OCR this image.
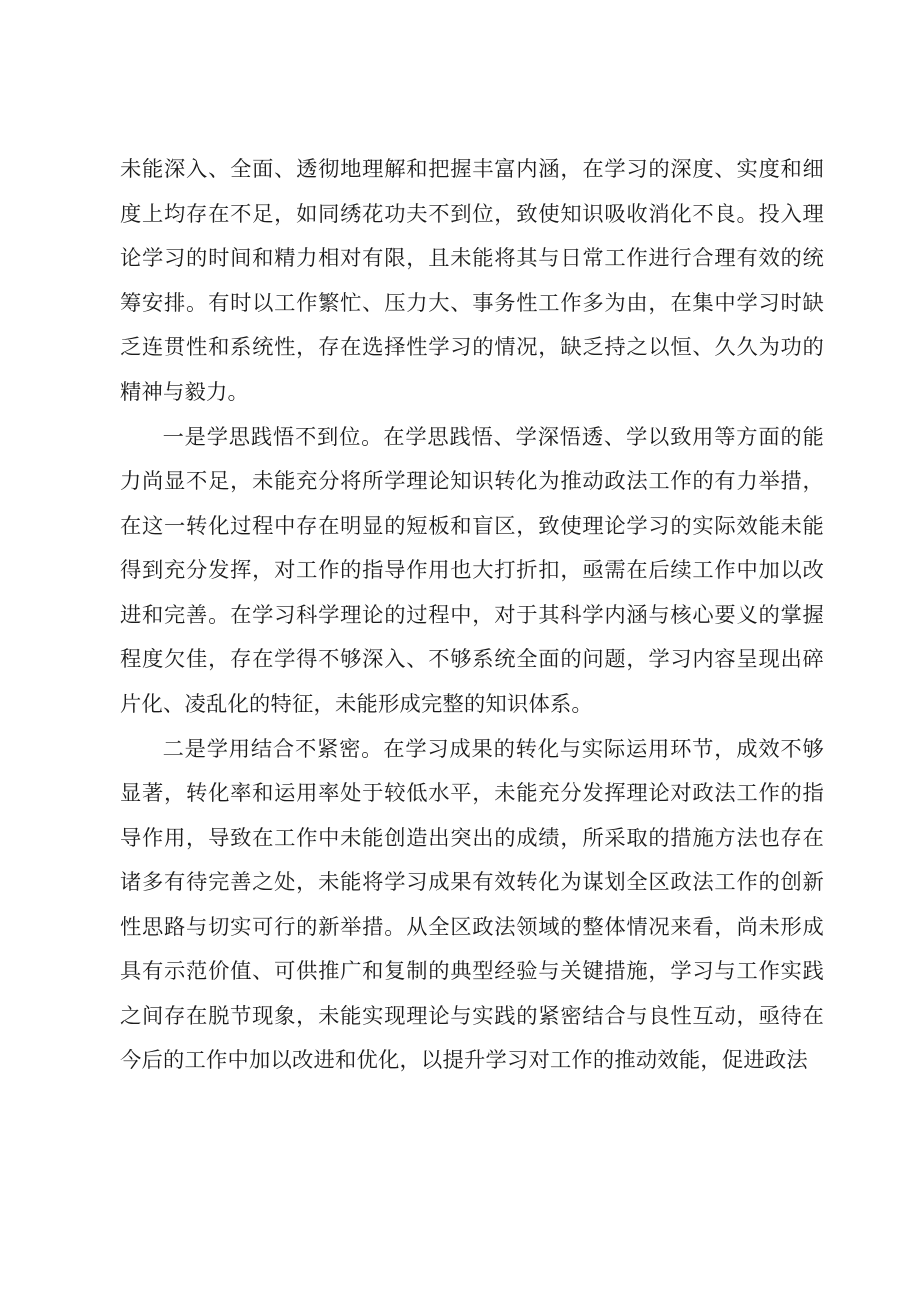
未能深入、全面、透彻地理解和把握丰富内涵，在学习的深度、实度和细度上均存在不足，如同绣花功夫不到位，致使知识吸收消化不良。投入理论学习的时间和精力相对有限，且未能将其与日常工作进行合理有效的统筹安排。有时以工作繁忙、压力大、事务性工作多为由，在集中学习时缺乏连贯性和系统性，存在选择性学习的情况，缺乏持之以恒、久久为功的精神与毅力。

一是学思践悟不到位。在学思践悟、学深悟透、学以致用等方面的能力尚显不足，未能充分将所学理论知识转化为推动政法工作的有力举措，在这一转化过程中存在明显的短板和盲区，致使理论学习的实际效能未能得到充分发挥，对工作的指导作用也大打折扣，亟需在后续工作中加以改进和完善。在学习科学理论的过程中，对于其科学内涵与核心要义的掌握程度欠佳，存在学得不够深入、不够系统全面的问题，学习内容呈现出碎片化、凌乱化的特征，未能形成完整的知识体系。

二是学用结合不紧密。在学习成果的转化与实际运用环节，成效不够显著，转化率和运用率处于较低水平，未能充分发挥理论对政法工作的指导作用，导致在工作中未能创造出突出的成绩，所采取的措施方法也存在诸多有待完善之处，未能将学习成果有效转化为谋划全区政法工作的创新性思路与切实可行的新举措。从全区政法领域的整体情况来看，尚未形成具有示范价值、可供推广和复制的典型经验与关键措施，学习与工作实践之间存在脱节现象，未能实现理论与实践的紧密结合与良性互动，亟待在今后的工作中加以改进和优化，以提升学习对工作的推动效能，促进政法
